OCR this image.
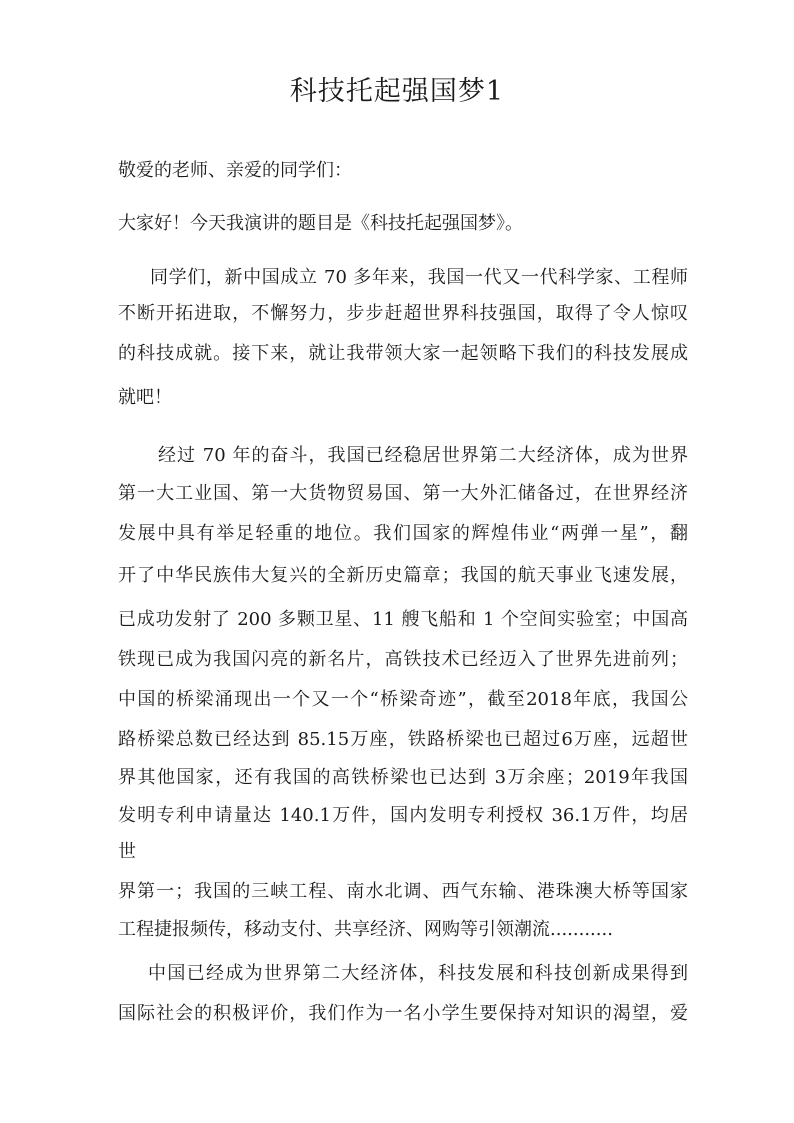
科技托起强国梦1
敬爱的老师、亲爱的同学们：
大家好！今天我演讲的题目是《科技托起强国梦》。
同学们，新中国成立 70 多年来，我国一代又一代科学家、工程师
不断开拓进取，不懈努力，步步赶超世界科技强国，取得了令人惊叹
的科技成就。接下来，就让我带领大家一起领略下我们的科技发展成
就吧！
经过 70 年的奋斗，我国已经稳居世界第二大经济体，成为世界
第一大工业国、第一大货物贸易国、第一大外汇储备过，在世界经济
发展中具有举足轻重的地位。我们国家的辉煌伟业“两弹一星”，翻
开了中华民族伟大复兴的全新历史篇章；我国的航天事业飞速发展，
已成功发射了 200 多颗卫星、11 艘飞船和 1 个空间实验室；中国高
铁现已成为我国闪亮的新名片，高铁技术已经迈入了世界先进前列；
中国的桥梁涌现出一个又一个“桥梁奇迹”，截至2018年底，我国公
路桥梁总数已经达到 85.15万座，铁路桥梁也已超过6万座，远超世
界其他国家，还有我国的高铁桥梁也已达到 3万余座；2019年我国
发明专利申请量达 140.1万件，国内发明专利授权 36.1万件，均居
世
界第一；我国的三峡工程、南水北调、西气东输、港珠澳大桥等国家
工程捷报频传，移动支付、共享经济、网购等引领潮流...........
中国已经成为世界第二大经济体，科技发展和科技创新成果得到
国际社会的积极评价，我们作为一名小学生要保持对知识的渴望，爱
